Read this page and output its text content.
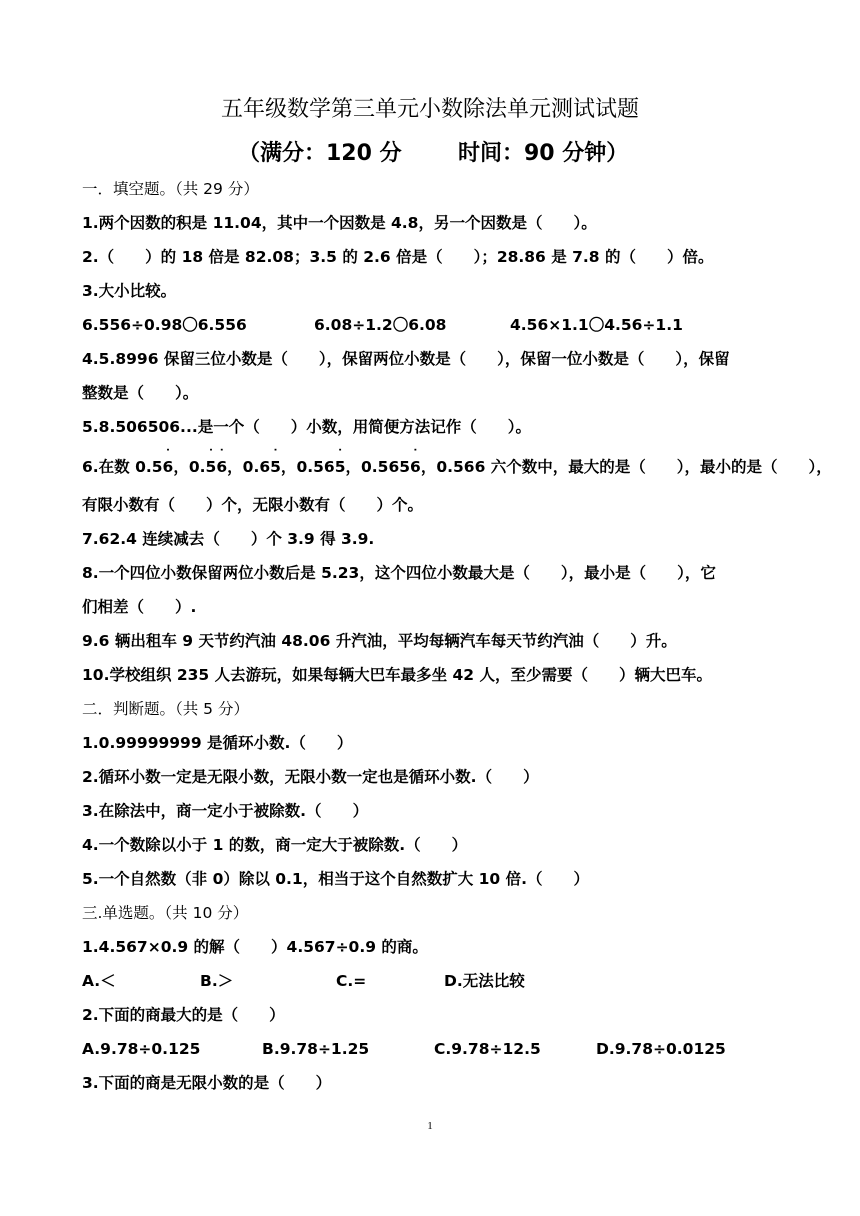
五年级数学第三单元小数除法单元测试试题
（满分：120 分	时间：90 分钟）
一．填空题。（共 29 分）
1.两个因数的积是 11.04，其中一个因数是 4.8，另一个因数是（　　）。
2.（　　）的 18 倍是 82.08；3.5 的 2.6 倍是（　　）；28.86 是 7.8 的（　　）倍。
3.大小比较。
6.556÷0.98〇6.556	6.08÷1.2〇6.08	4.56×1.1〇4.56÷1.1
4.5.8996 保留三位小数是（　　），保留两位小数是（　　），保留一位小数是（　　），保留
整数是（　　）。
5.8.506506...是一个（　　）小数，用简便方法记作（　　）。
6.在数 0.5˙ 6，0.˙ 5˙ 6，0.6˙ 5，0.56˙ 5，0.565˙ 6，0.566 六个数中，最大的是（　　），最小的是（　　），
有限小数有（　　）个，无限小数有（　　）个。
7.62.4 连续减去（　　）个 3.9 得 3.9.
8.一个四位小数保留两位小数后是 5.23，这个四位小数最大是（　　），最小是（　　），它
们相差（　　）.
9.6 辆出租车 9 天节约汽油 48.06 升汽油，平均每辆汽车每天节约汽油（　　）升。
10.学校组织 235 人去游玩，如果每辆大巴车最多坐 42 人，至少需要（　　）辆大巴车。
二．判断题。（共 5 分）
1.0.99999999 是循环小数.（　　）
2.循环小数一定是无限小数，无限小数一定也是循环小数.（　　）
3.在除法中，商一定小于被除数.（　　）
4.一个数除以小于 1 的数，商一定大于被除数.（　　）
5.一个自然数（非 0）除以 0.1，相当于这个自然数扩大 10 倍.（　　）
三.单选题。（共 10 分）
1.4.567×0.9 的解（　　）4.567÷0.9 的商。
A.＜	B.＞	C.=	D.无法比较
2.下面的商最大的是（　　）
A.9.78÷0.125	B.9.78÷1.25	C.9.78÷12.5	D.9.78÷0.0125
3.下面的商是无限小数的是（　　）
1
